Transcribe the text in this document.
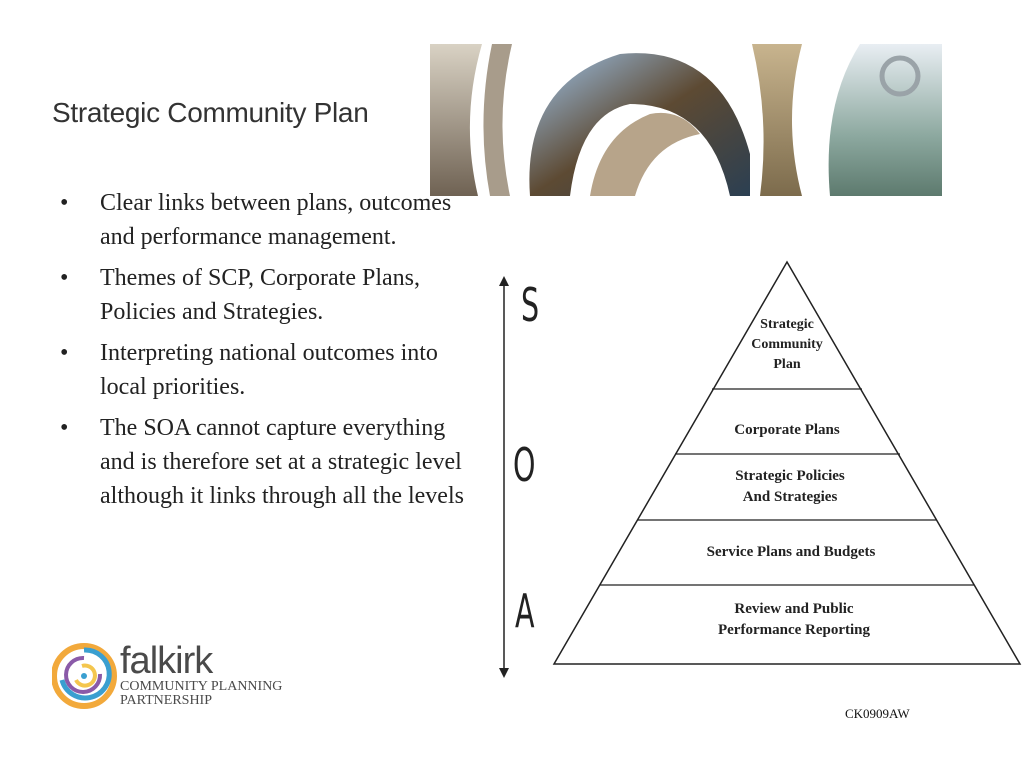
Strategic Community Plan
• Clear links between plans, outcomes and performance management.
• Themes of SCP, Corporate Plans, Policies and Strategies.
• Interpreting national outcomes into local priorities.
• The SOA cannot capture everything and is therefore set at a strategic level although it links through all the levels
S
O
A
Strategic
Community
Plan
Corporate Plans
Strategic Policies
And Strategies
Service Plans and Budgets
Review and Public
Performance Reporting
falkirk
COMMUNITY PLANNING
PARTNERSHIP
CK0909AW
